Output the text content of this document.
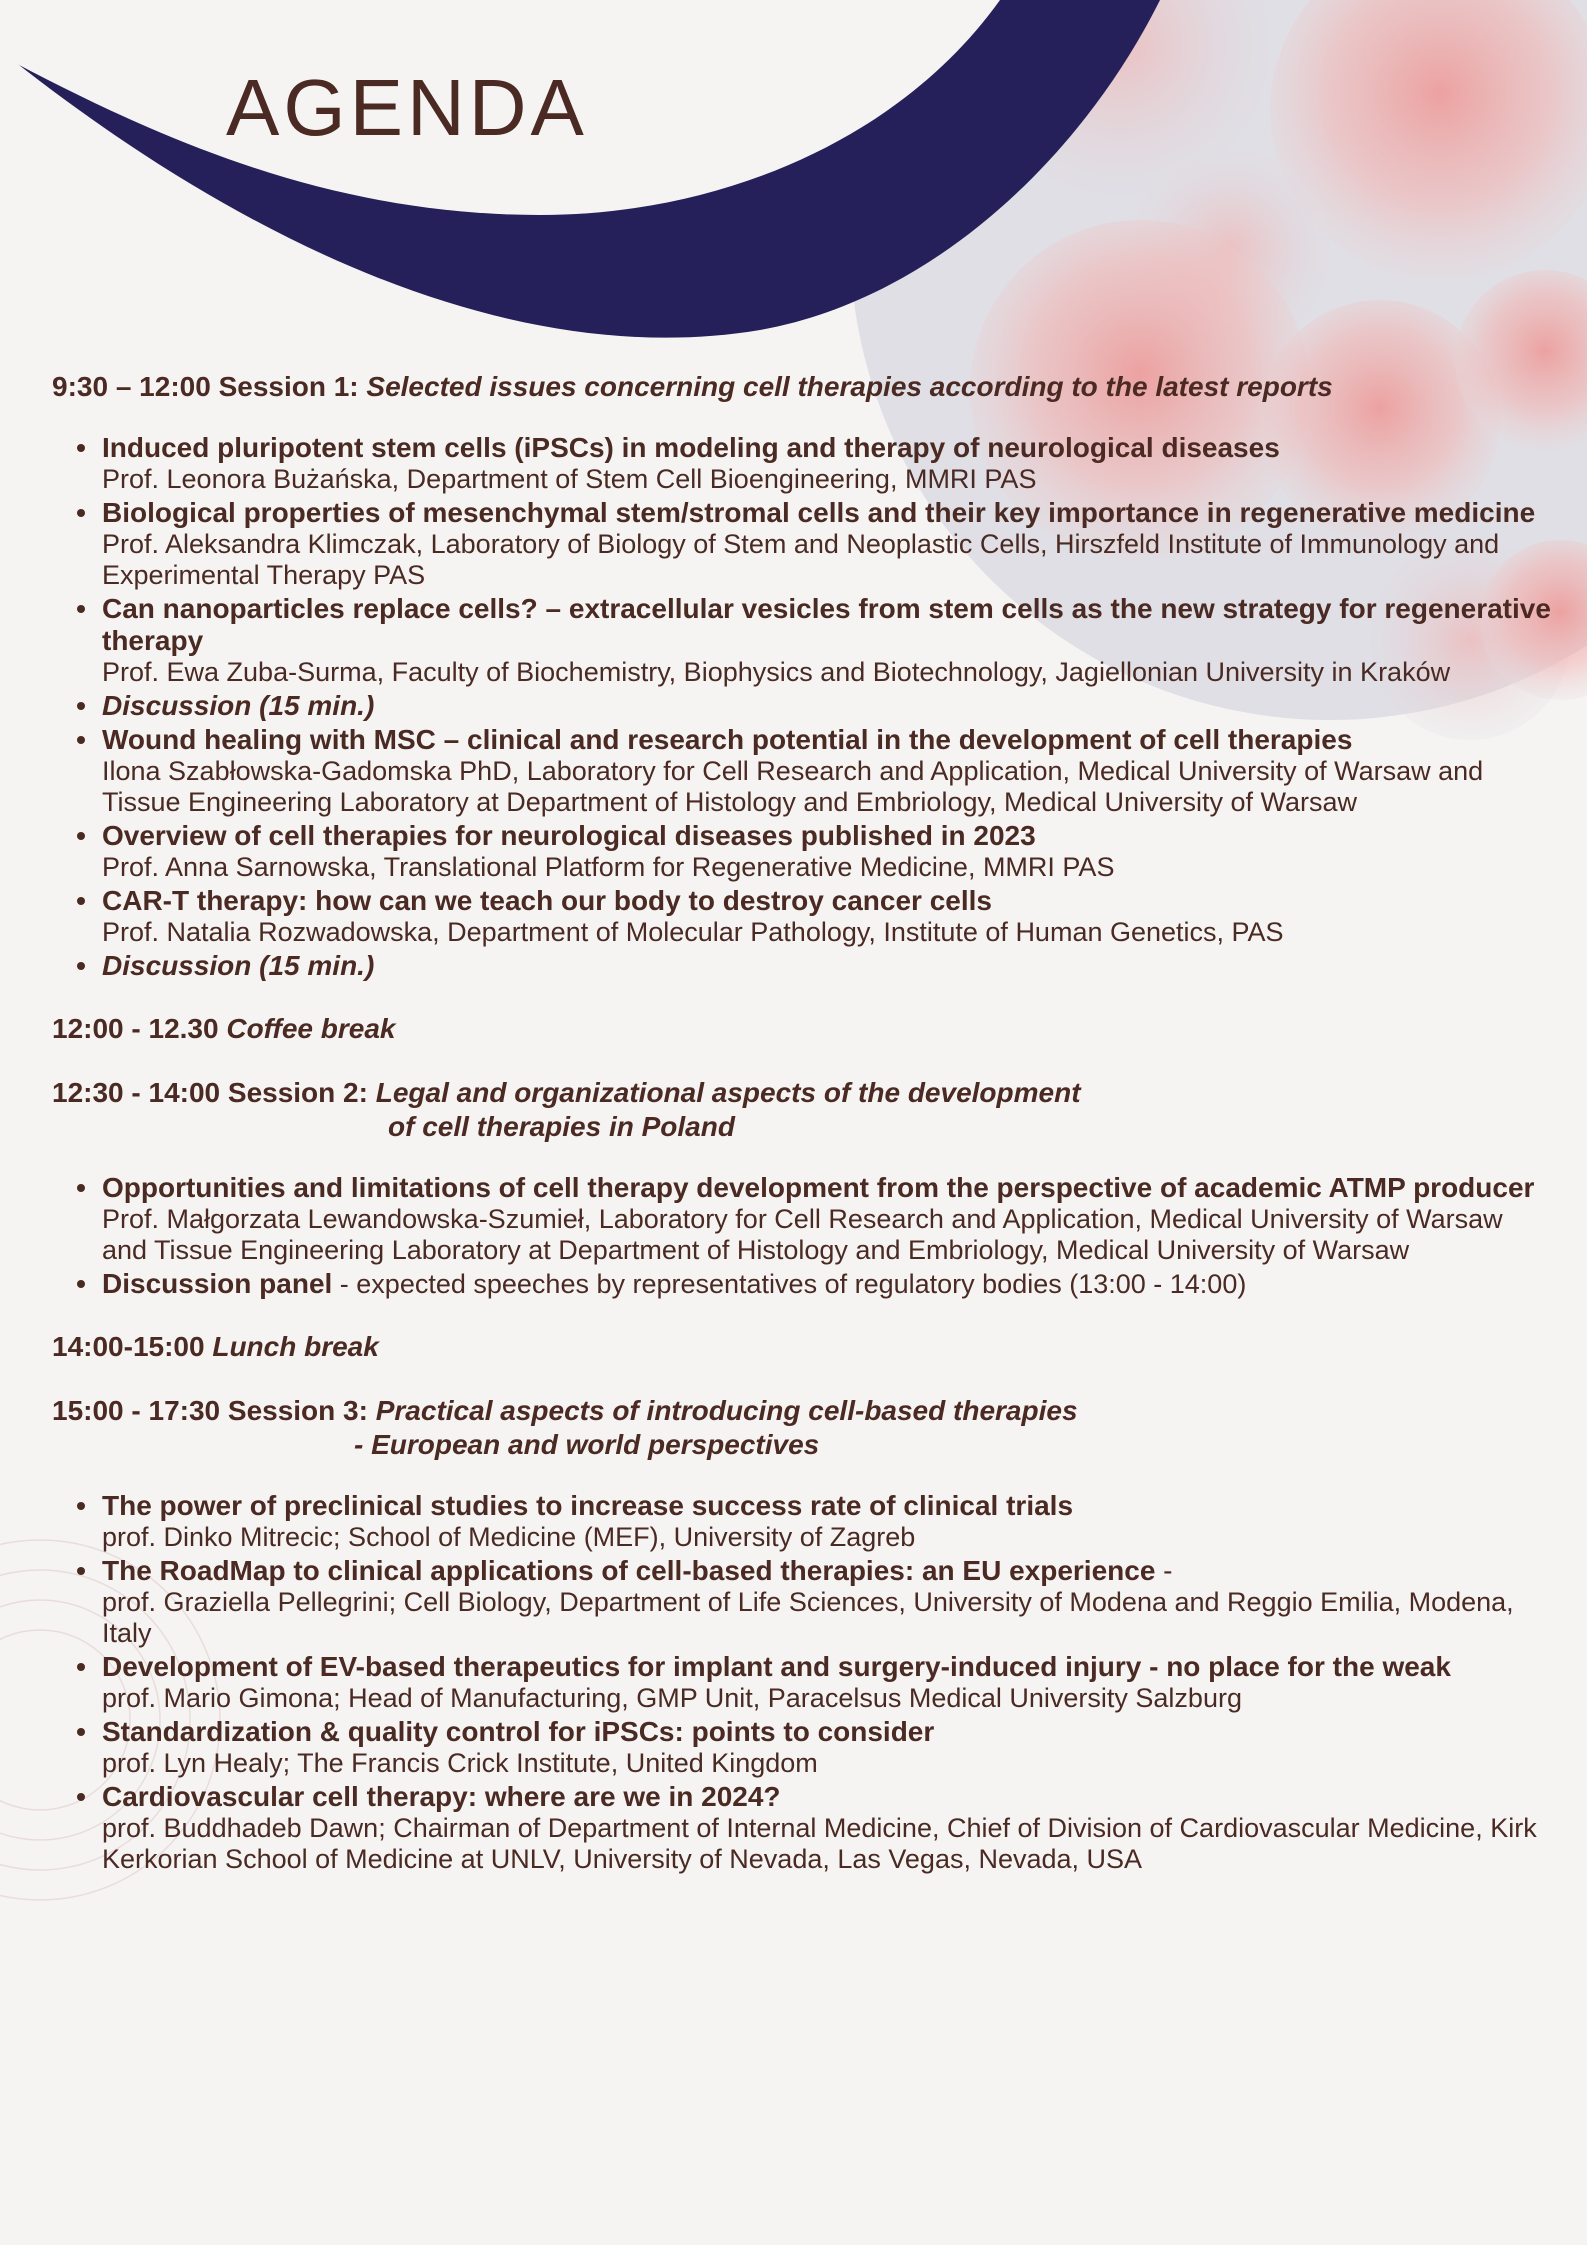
AGENDA
9:30 – 12:00 Session 1: Selected issues concerning cell therapies according to the latest reports
Induced pluripotent stem cells (iPSCs) in modeling and therapy of neurological diseases
Prof. Leonora Bużańska, Department of Stem Cell Bioengineering, MMRI PAS
Biological properties of mesenchymal stem/stromal cells and their key importance in regenerative medicine
Prof. Aleksandra Klimczak, Laboratory of Biology of Stem and Neoplastic Cells, Hirszfeld Institute of Immunology and Experimental Therapy PAS
Can nanoparticles replace cells? – extracellular vesicles from stem cells as the new strategy for regenerative therapy
Prof. Ewa Zuba-Surma, Faculty of Biochemistry, Biophysics and Biotechnology, Jagiellonian University in Kraków
Discussion (15 min.)
Wound healing with MSC – clinical and research potential in the development of cell therapies
Ilona Szabłowska-Gadomska PhD, Laboratory for Cell Research and Application, Medical University of Warsaw and Tissue Engineering Laboratory at Department of Histology and Embriology, Medical University of Warsaw
Overview of cell therapies for neurological diseases published in 2023
Prof. Anna Sarnowska, Translational Platform for Regenerative Medicine, MMRI PAS
CAR-T therapy: how can we teach our body to destroy cancer cells
Prof. Natalia Rozwadowska, Department of Molecular Pathology, Institute of Human Genetics, PAS
Discussion (15 min.)
12:00 - 12.30 Coffee break
12:30 - 14:00 Session 2: Legal and organizational aspects of the development
of cell therapies in Poland
Opportunities and limitations of cell therapy development from the perspective of academic ATMP producer
Prof. Małgorzata Lewandowska-Szumieł, Laboratory for Cell Research and Application, Medical University of Warsaw and Tissue Engineering Laboratory at Department of Histology and Embriology, Medical University of Warsaw
Discussion panel - expected speeches by representatives of regulatory bodies (13:00 - 14:00)
14:00-15:00 Lunch break
15:00 - 17:30 Session 3: Practical aspects of introducing cell-based therapies
- European and world perspectives
The power of preclinical studies to increase success rate of clinical trials
prof. Dinko Mitrecic; School of Medicine (MEF), University of Zagreb
The RoadMap to clinical applications of cell-based therapies: an EU experience -
prof. Graziella Pellegrini; Cell Biology, Department of Life Sciences, University of Modena and Reggio Emilia, Modena, Italy
Development of EV-based therapeutics for implant and surgery-induced injury - no place for the weak
prof. Mario Gimona; Head of Manufacturing, GMP Unit, Paracelsus Medical University Salzburg
Standardization & quality control for iPSCs: points to consider
prof. Lyn Healy; The Francis Crick Institute, United Kingdom
Cardiovascular cell therapy: where are we in 2024?
prof. Buddhadeb Dawn; Chairman of Department of Internal Medicine, Chief of Division of Cardiovascular Medicine, Kirk Kerkorian School of Medicine at UNLV, University of Nevada, Las Vegas, Nevada, USA
